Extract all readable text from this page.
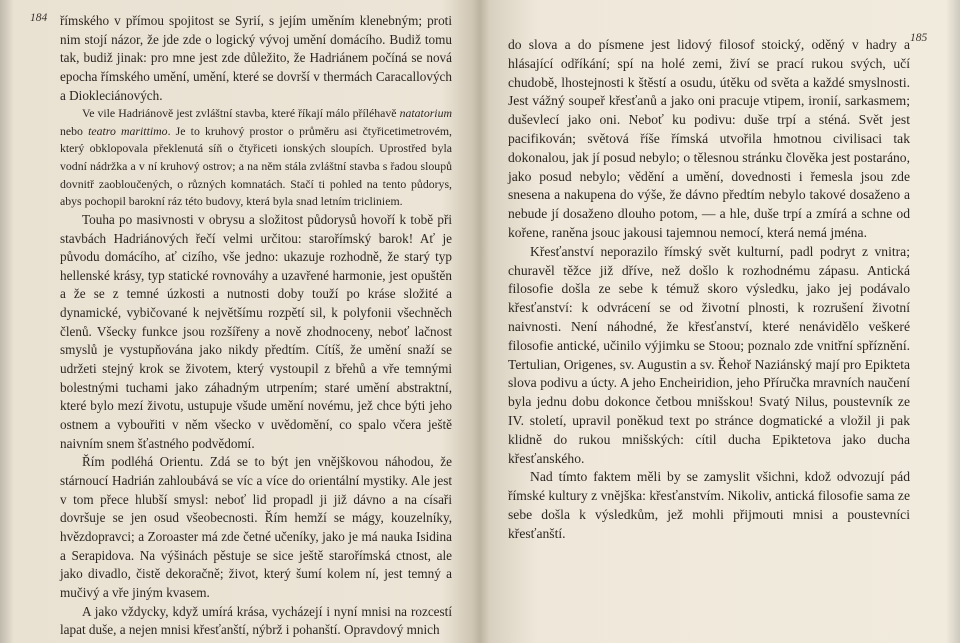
184 římského v přímou spojitost se Syrií, s jejím uměním klenebným; proti nim stojí názor, že jde zde o logický vývoj umění domácího. Budiž tomu tak, budiž jinak: pro mne jest zde důležito, že Hadriánem počíná se nová epocha římského umění, umění, které se dovrší v thermách Caracallových a Diokleciánových.

Ve vile Hadriánově jest zvláštní stavba, které říkají málo příléhavě natatorium nebo teatro marittimo. Je to kruhový prostor o průměru asi čtyřicetimetrovém, který obklopovala překlenutá síň o čtyřiceti ionských sloupích. Uprostřed byla vodní nádržka a v ní kruhový ostrov; a na něm stála zvláštní stavba s řadou sloupů dovnitř zaobloučených, o různých komnatách. Stačí ti pohled na tento půdorys, abys pochopil barokní ráz této budovy, která byla snad letním tricliniem.

Touha po masivnosti v obrysu a složitost půdorysů hovoří k tobě při stavbách Hadriánových řečí velmi určitou: starořímský barok! Ať je původu domácího, ať cizího, vše jedno: ukazuje rozhodně, že starý typ hellenské krásy, typ statické rovnováhy a uzavřené harmonie, jest opuštěn a že se z temné úzkosti a nutnosti doby touží po kráse složité a dynamické, vybičované k největšímu rozpětí sil, k polyfonii všechněch členů. Všecky funkce jsou rozšířeny a nově zhodnoceny, neboť lačnost smyslů je vystupňována jako nikdy předtím. Cítíš, že umění snaží se udržeti stejný krok se životem, který vystoupil z břehů a vře temnými bolestnými tuchami jako záhadným utrpením; staré umění abstraktní, které bylo mezí životu, ustupuje všude umění novému, jež chce býti jeho ostnem a vybouřiti v něm všecko v uvědomění, co spalo včera ještě naivním snem šťastného podvědomí.

Řím podléhá Orientu. Zdá se to být jen vnějškovou náhodou, že stárnoucí Hadrián zahloubává se víc a více do orientální mystiky. Ale jest v tom přece hlubší smysl: neboť lid propadl ji již dávno a na císaři dovršuje se jen osud všeobecnosti. Řím hemží se mágy, kouzelníky, hvězdopravci; a Zoroaster má zde četné učeníky, jako je má nauka Isidina a Serapidova. Na výšinách pěstuje se sice ještě starořímská ctnost, ale jako divadlo, čistě dekoračně; život, který šumí kolem ní, jest temný a mučivý a vře jiným kvasem.

A jako vždycky, když umírá krása, vycházejí i nyní mnisi na rozcestí lapat duše, a nejen mnisi křesťanští, nýbrž i pohanští. Opravdový mnich

185

do slova a do písmene jest lidový filosof stoický, oděný v hadry a hlásající odříkání; spí na holé zemi, živí se prací rukou svých, učí chudobě, lhostejnosti k štěstí a osudu, útěku od světa a každé smyslnosti. Jest vážný soupeř křesťanů a jako oni pracuje vtipem, ironií, sarkasmem; duševlecí jako oni. Neboť ku podivu: duše trpí a sténá. Svět jest pacifikován; světová říše římská utvořila hmotnou civilisaci tak dokonalou, jak jí posud nebylo; o tělesnou stránku člověka jest postaráno, jako posud nebylo; vědění a umění, dovednosti i řemesla jsou zde snesena a nakupena do výše, že dávno předtím nebylo takové dosaženo a nebude jí dosaženo dlouho potom, — a hle, duše trpí a zmírá a schne od kořene, raněna jsouc jakousi tajemnou nemocí, která nemá jména.

Křesťanství neporazilo římský svět kulturní, padl podryt z vnitra; churavěl těžce již dříve, než došlo k rozhodnému zápasu. Antická filosofie došla ze sebe k témuž skoro výsledku, jako jej podávalo křesťanství: k odvrácení se od životní plnosti, k rozrušení životní naivnosti. Není náhodné, že křesťanství, které nenávidělo veškeré filosofie antické, učinilo výjimku se Stoou; poznalo zde vnitřní spříznění. Tertulian, Origenes, sv. Augustin a sv. Řehoř Naziánský mají pro Epikteta slova podivu a úcty. A jeho Encheiridion, jeho Příručka mravních naučení byla jednu dobu dokonce četbou mnišskou! Svatý Nilus, poustevník ze IV. století, upravil poněkud text po stránce dogmatické a vložil ji pak klidně do rukou mnišských: cítil ducha Epiktetova jako ducha křesťanského.

Nad tímto faktem měli by se zamyslit všichni, kdož odvozují pád římské kultury z vnějška: křesťanstvím. Nikoliv, antická filosofie sama ze sebe došla k výsledkům, jež mohli přijmouti mnisi a poustevníci křesťanští.
